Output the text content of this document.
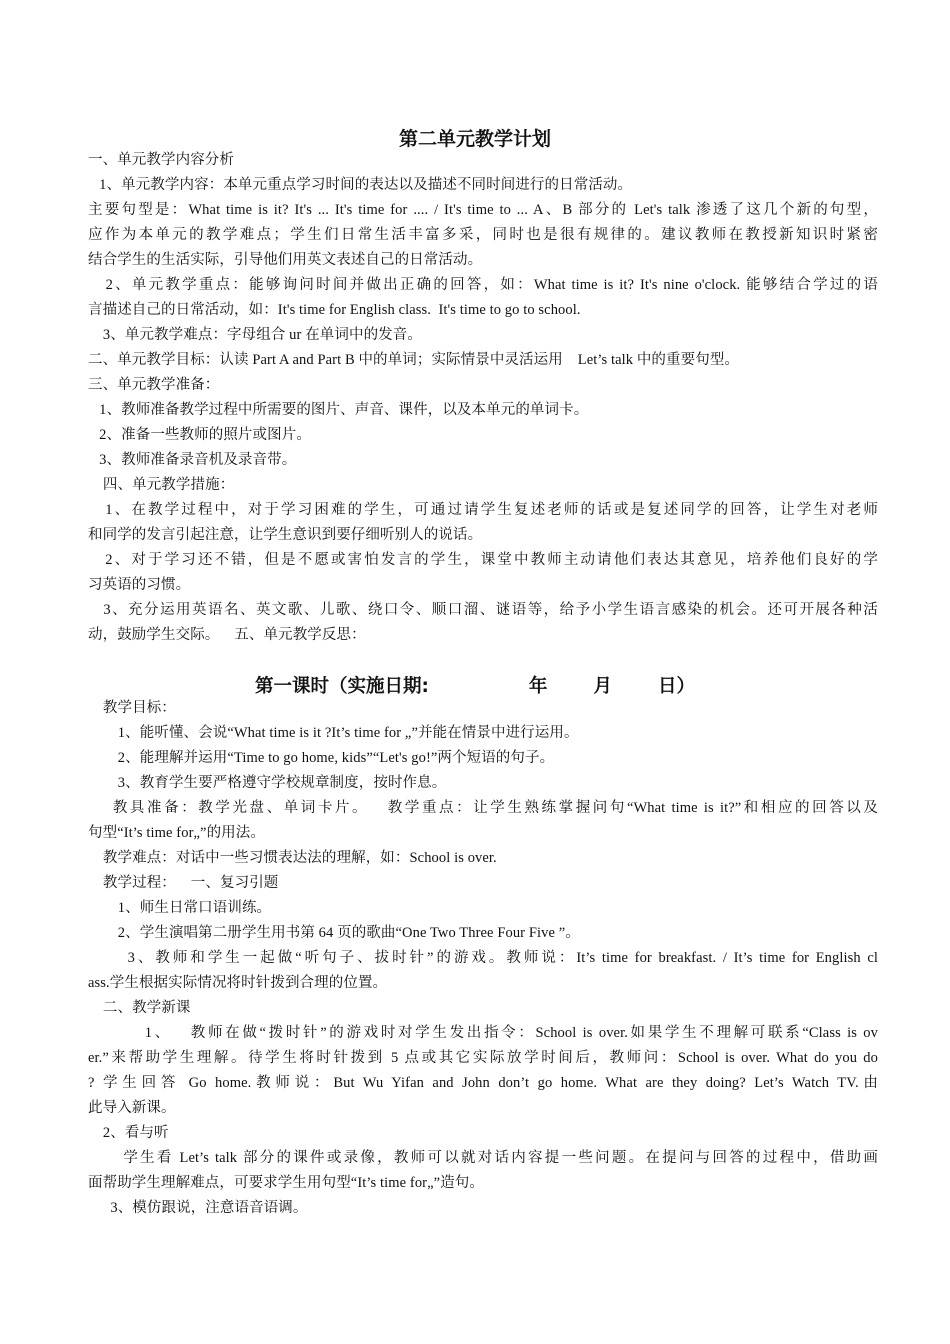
第二单元教学计划
一、单元教学内容分析
1、单元教学内容：本单元重点学习时间的表达以及描述不同时间进行的日常活动。
主要句型是：What time is it? It's ... It's time for .... / It's time to ... A、B 部分的 Let's talk 渗透了这几个新的句型，
应作为本单元的教学难点；学生们日常生活丰富多采，同时也是很有规律的。建议教师在教授新知识时紧密
结合学生的生活实际，引导他们用英文表述自己的日常活动。
2、单元教学重点：能够询问时间并做出正确的回答，如：What time is it? It's nine o'clock. 能够结合学过的语
言描述自己的日常活动，如：It's time for English class.  It's time to go to school.
3、单元教学难点：字母组合 ur 在单词中的发音。
二、单元教学目标：认读 Part A and Part B 中的单词；实际情景中灵活运用    Let’s talk 中的重要句型。
三、单元教学准备：
1、教师准备教学过程中所需要的图片、声音、课件，以及本单元的单词卡。
2、准备一些教师的照片或图片。
3、教师准备录音机及录音带。
四、单元教学措施：
1、在教学过程中，对于学习困难的学生，可通过请学生复述老师的话或是复述同学的回答，让学生对老师
和同学的发言引起注意，让学生意识到要仔细听别人的说话。
2、对于学习还不错，但是不愿或害怕发言的学生，课堂中教师主动请他们表达其意见，培养他们良好的学
习英语的习惯。
3、充分运用英语名、英文歌、儿歌、绕口令、顺口溜、谜语等，给予小学生语言感染的机会。还可开展各种活
动，鼓励学生交际。    五、单元教学反思：
第一课时（实施日期:	年 月 日）
教学目标：
1、能听懂、会说“What time is it ?It’s time for „”并能在情景中进行运用。
2、能理解并运用“Time to go home, kids”“Let's go!”两个短语的句子。
3、教育学生要严格遵守学校规章制度，按时作息。
教具准备：教学光盘、单词卡片。   教学重点：让学生熟练掌握问句“What time is it?”和相应的回答以及
句型“It’s time for„”的用法。
教学难点：对话中一些习惯表达法的理解，如：School is over.
教学过程：    一、复习引题
1、师生日常口语训练。
2、学生演唱第二册学生用书第 64 页的歌曲“One Two Three Four Five ”。
3、教师和学生一起做“听句子、拔时针”的游戏。教师说：It’s time for breakfast. / It’s time for English cl
ass.学生根据实际情况将时针拨到合理的位置。
二、教学新课
1、   教师在做“拨时针”的游戏时对学生发出指令：School is over.如果学生不理解可联系“Class is ov
er.”来帮助学生理解。待学生将时针拨到 5 点或其它实际放学时间后，教师问：School is over. What do you do
? 学生回答 Go home.教师说：But Wu Yifan and John don’t go home. What are they doing? Let’s Watch TV.由
此导入新课。
2、看与听
学生看 Let’s talk 部分的课件或录像，教师可以就对话内容提一些问题。在提问与回答的过程中，借助画
面帮助学生理解难点，可要求学生用句型“It’s time for„”造句。
3、模仿跟说，注意语音语调。
